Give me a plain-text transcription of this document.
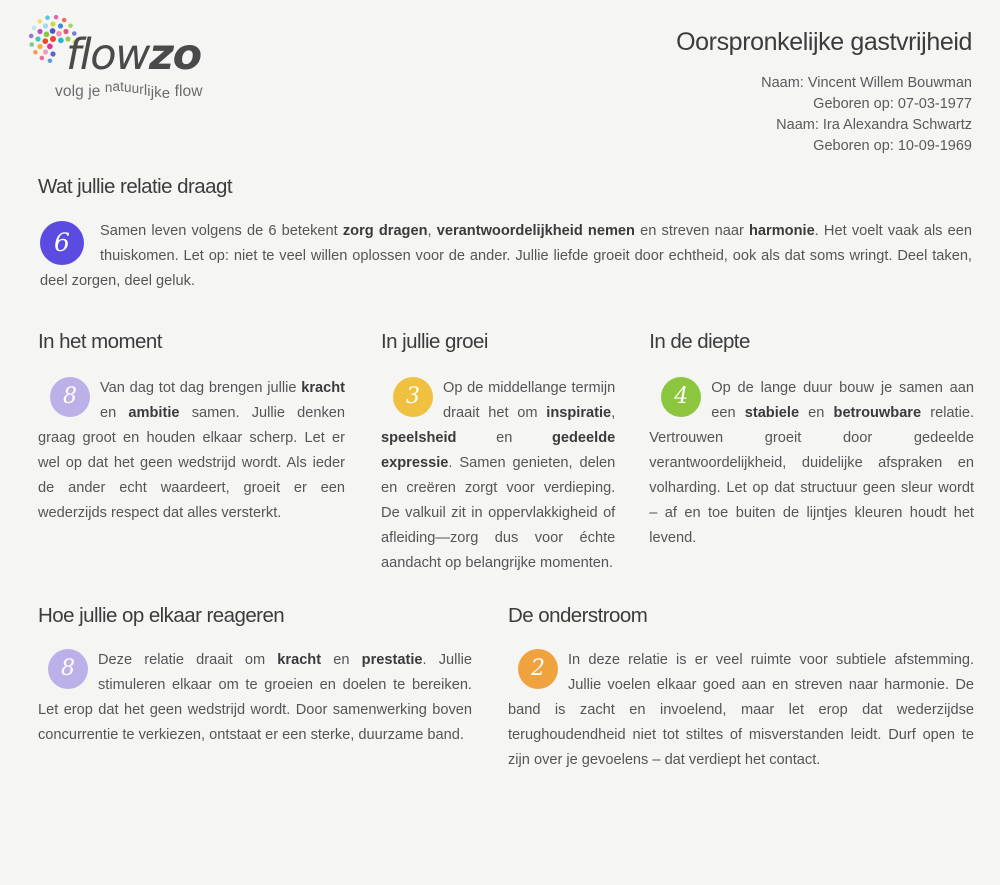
flowzo
volg je natuurlijke flow
Oorspronkelijke gastvrijheid
Naam: Vincent Willem Bouwman
Geboren op: 07-03-1977
Naam: Ira Alexandra Schwartz
Geboren op: 10-09-1969
Wat jullie relatie draagt
6	Samen leven volgens de 6 betekent zorg dragen, verantwoordelijkheid nemen en streven naar harmonie. Het voelt vaak als een thuiskomen. Let op: niet te veel willen oplossen voor de ander. Jullie liefde groeit door echtheid, ook als dat soms wringt. Deel taken, deel zorgen, deel geluk.
In het moment
8	Van dag tot dag brengen jullie kracht en ambitie samen. Jullie denken graag groot en houden elkaar scherp. Let er wel op dat het geen wedstrijd wordt. Als ieder de ander echt waardeert, groeit er een wederzijds respect dat alles versterkt.
In jullie groei
3	Op de middellange termijn draait het om inspiratie, speelsheid en gedeelde expressie. Samen genieten, delen en creëren zorgt voor verdieping. De valkuil zit in oppervlakkigheid of afleiding—zorg dus voor échte aandacht op belangrijke momenten.
In de diepte
4	Op de lange duur bouw je samen aan een stabiele en betrouwbare relatie. Vertrouwen groeit door gedeelde verantwoordelijkheid, duidelijke afspraken en volharding. Let op dat structuur geen sleur wordt – af en toe buiten de lijntjes kleuren houdt het levend.
Hoe jullie op elkaar reageren
8	Deze relatie draait om kracht en prestatie. Jullie stimuleren elkaar om te groeien en doelen te bereiken. Let erop dat het geen wedstrijd wordt. Door samenwerking boven concurrentie te verkiezen, ontstaat er een sterke, duurzame band.
De onderstroom
2	In deze relatie is er veel ruimte voor subtiele afstemming. Jullie voelen elkaar goed aan en streven naar harmonie. De band is zacht en invoelend, maar let erop dat wederzijdse terughoudendheid niet tot stiltes of misverstanden leidt. Durf open te zijn over je gevoelens – dat verdiept het contact.
